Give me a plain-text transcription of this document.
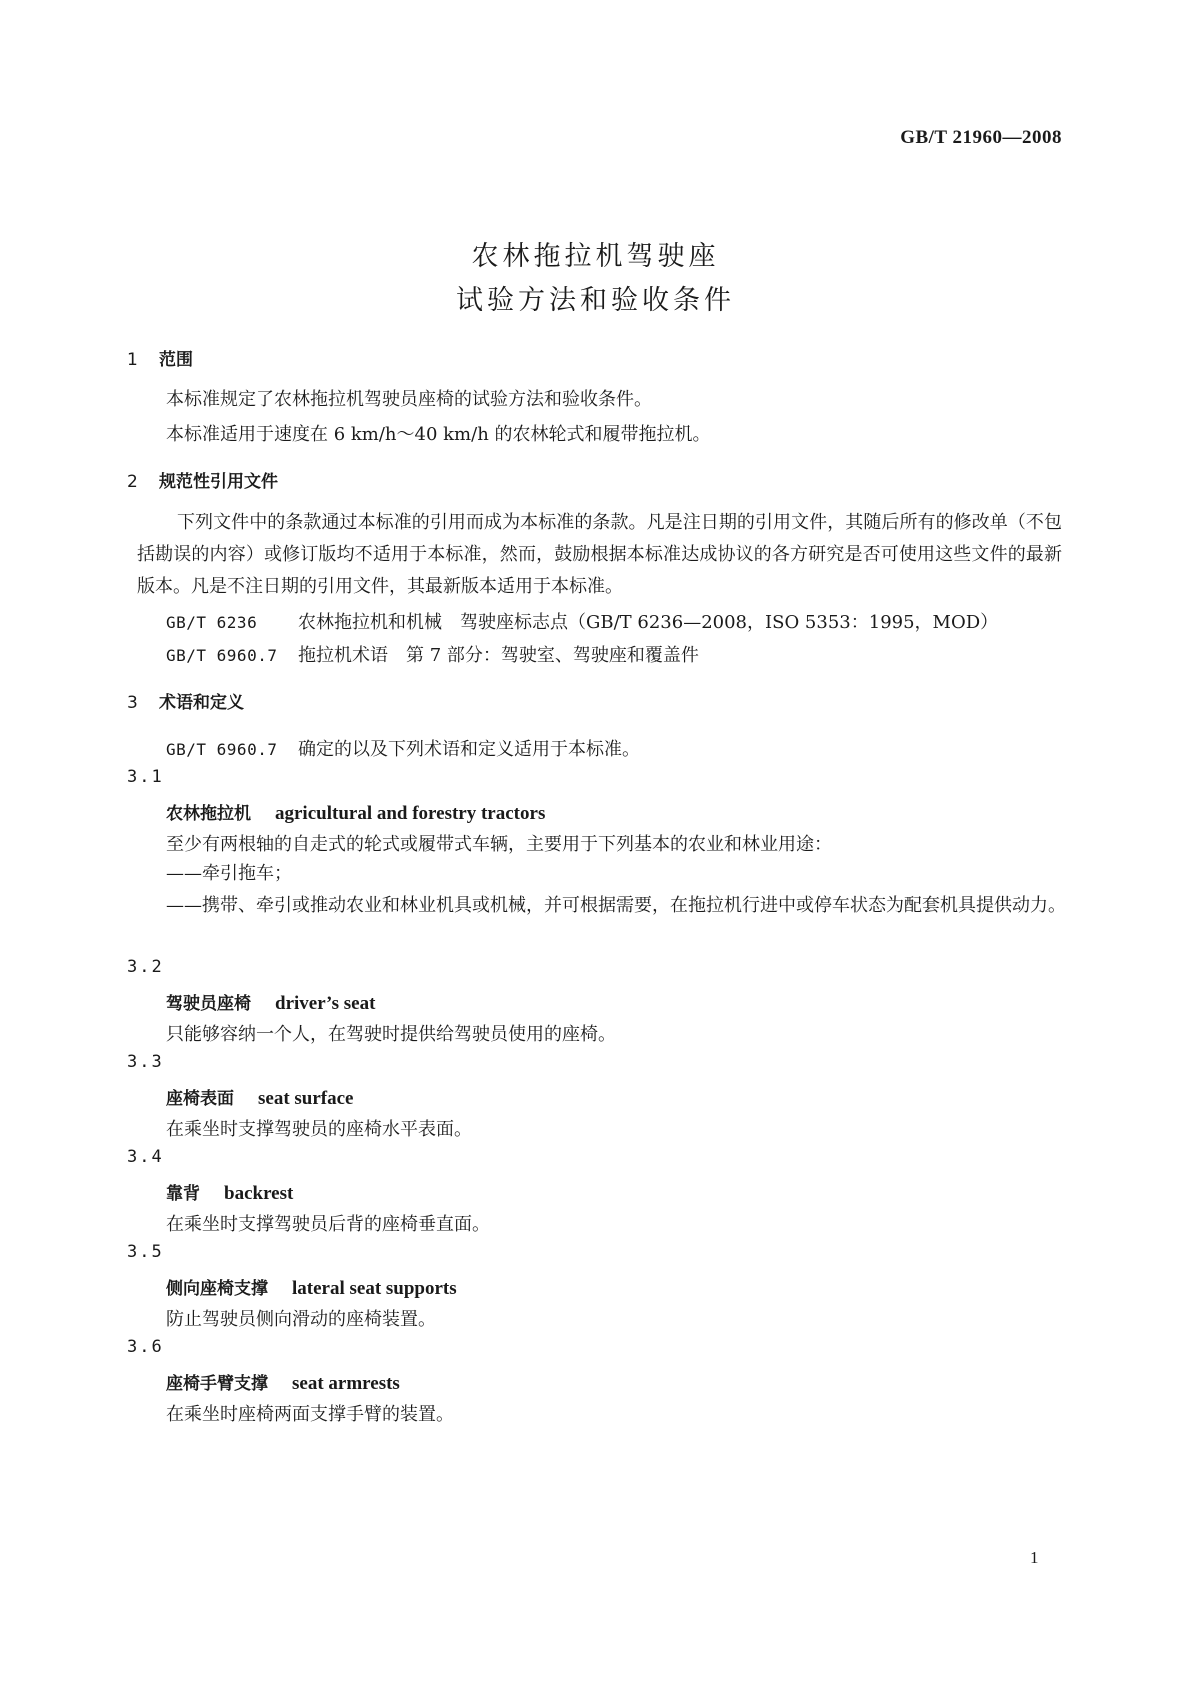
GB/T 21960—2008
农林拖拉机驾驶座
试验方法和验收条件
1 范围
本标准规定了农林拖拉机驾驶员座椅的试验方法和验收条件。
本标准适用于速度在 6 km/h～40 km/h 的农林轮式和履带拖拉机。
2 规范性引用文件
下列文件中的条款通过本标准的引用而成为本标准的条款。凡是注日期的引用文件，其随后所有的修改单（不包括勘误的内容）或修订版均不适用于本标准，然而，鼓励根据本标准达成协议的各方研究是否可使用这些文件的最新版本。凡是不注日期的引用文件，其最新版本适用于本标准。
GB/T 6236 农林拖拉机和机械　驾驶座标志点（GB/T 6236—2008，ISO 5353：1995，MOD）
GB/T 6960.7 拖拉机术语　第 7 部分：驾驶室、驾驶座和覆盖件
3 术语和定义
GB/T 6960.7 确定的以及下列术语和定义适用于本标准。
3.1
农林拖拉机 agricultural and forestry tractors
至少有两根轴的自走式的轮式或履带式车辆，主要用于下列基本的农业和林业用途：
——牵引拖车；
——携带、牵引或推动农业和林业机具或机械，并可根据需要，在拖拉机行进中或停车状态为配套机具提供动力。
3.2
驾驶员座椅 driver’s seat
只能够容纳一个人，在驾驶时提供给驾驶员使用的座椅。
3.3
座椅表面 seat surface
在乘坐时支撑驾驶员的座椅水平表面。
3.4
靠背 backrest
在乘坐时支撑驾驶员后背的座椅垂直面。
3.5
侧向座椅支撑 lateral seat supports
防止驾驶员侧向滑动的座椅装置。
3.6
座椅手臂支撑 seat armrests
在乘坐时座椅两面支撑手臂的装置。
1
